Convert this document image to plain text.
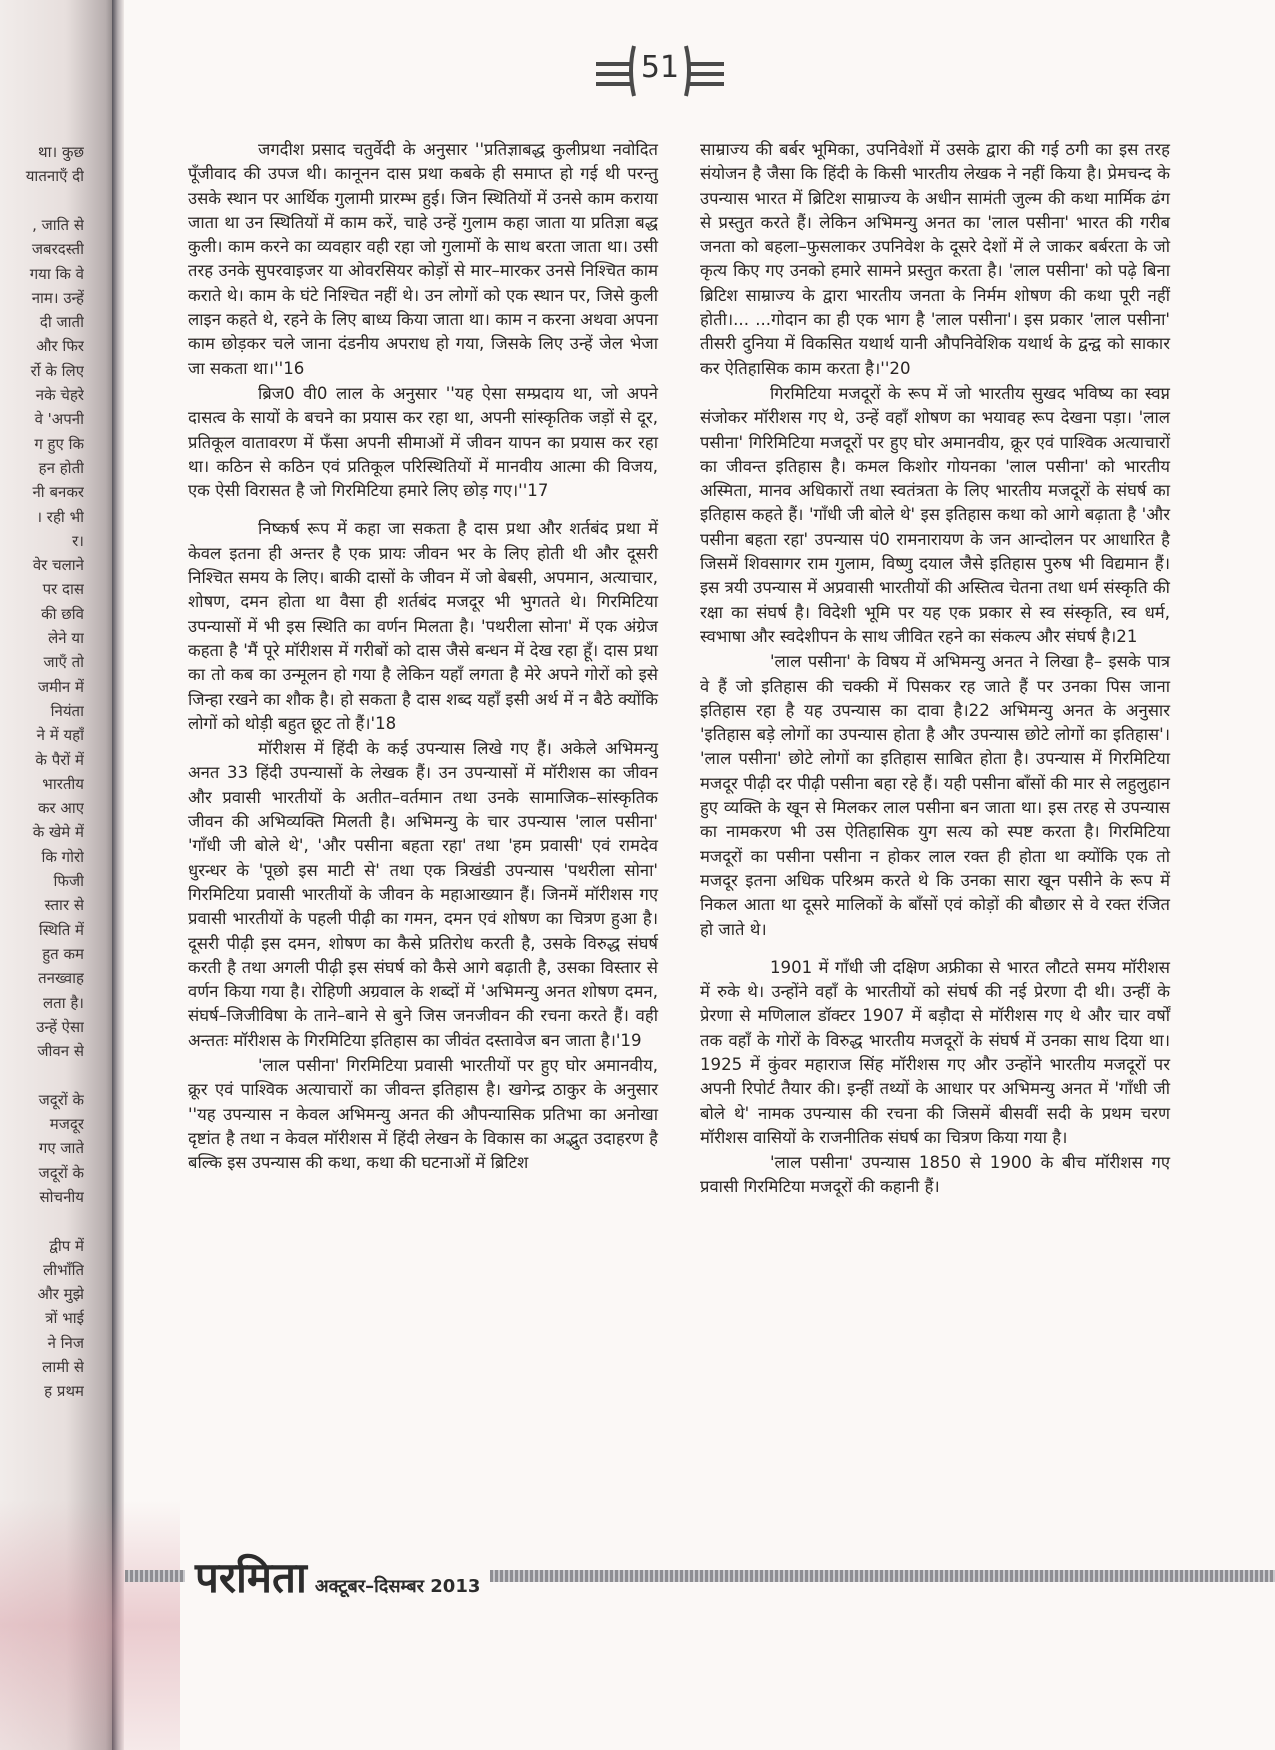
था। कुछ
यातनाएँ दी
, जाति से
जबरदस्ती
गया कि वे
नाम। उन्हें
दी जाती
और फिर
र्रो के लिए
नके चेहरे
वे 'अपनी
ग हुए कि
हन होती
नी बनकर
। रही भी
र।
वेर चलाने
पर दास
की छवि
लेने या
जाएँ तो
जमीन में
नियंता
ने में यहाँ
के पैरों में
भारतीय
कर आए
के खेमे में
कि गोरो
फिजी
स्तार से
स्थिति में
हुत कम
तनख्वाह
लता है।
उन्हें ऐसा
जीवन से
जदूरों के
मजदूर
गए जाते
जदूरों के
सोचनीय
द्वीप में
लीभाँति
और मुझे
त्रों भाई
ने निज
लामी से
ह प्रथम
51

जगदीश प्रसाद चतुर्वेदी के अनुसार ''प्रतिज्ञाबद्ध कुलीप्रथा नवोदित पूँजीवाद की उपज थी। कानूनन दास प्रथा कबके ही समाप्त हो गई थी परन्तु उसके स्थान पर आर्थिक गुलामी प्रारम्भ हुई। जिन स्थितियों में उनसे काम कराया जाता था उन स्थितियों में काम करें, चाहे उन्हें गुलाम कहा जाता या प्रतिज्ञा बद्ध कुली। काम करने का व्यवहार वही रहा जो गुलामों के साथ बरता जाता था। उसी तरह उनके सुपरवाइजर या ओवरसियर कोड़ों से मार–मारकर उनसे निश्चित काम कराते थे। काम के घंटे निश्चित नहीं थे। उन लोगों को एक स्थान पर, जिसे कुली लाइन कहते थे, रहने के लिए बाध्य किया जाता था। काम न करना अथवा अपना काम छोड़कर चले जाना दंडनीय अपराध हो गया, जिसके लिए उन्हें जेल भेजा जा सकता था।''16

ब्रिज0 वी0 लाल के अनुसार ''यह ऐसा सम्प्रदाय था, जो अपने दासत्व के सायों के बचने का प्रयास कर रहा था, अपनी सांस्कृतिक जड़ों से दूर, प्रतिकूल वातावरण में फँसा अपनी सीमाओं में जीवन यापन का प्रयास कर रहा था। कठिन से कठिन एवं प्रतिकूल परिस्थितियों में मानवीय आत्मा की विजय, एक ऐसी विरासत है जो गिरमिटिया हमारे लिए छोड़ गए।''17

निष्कर्ष रूप में कहा जा सकता है दास प्रथा और शर्तबंद प्रथा में केवल इतना ही अन्तर है एक प्रायः जीवन भर के लिए होती थी और दूसरी निश्चित समय के लिए। बाकी दासों के जीवन में जो बेबसी, अपमान, अत्याचार, शोषण, दमन होता था वैसा ही शर्तबंद मजदूर भी भुगतते थे। गिरमिटिया उपन्यासों में भी इस स्थिति का वर्णन मिलता है। 'पथरीला सोना' में एक अंग्रेज कहता है 'मैं पूरे मॉरीशस में गरीबों को दास जैसे बन्धन में देख रहा हूँ। दास प्रथा का तो कब का उन्मूलन हो गया है लेकिन यहाँ लगता है मेरे अपने गोरों को इसे जिन्हा रखने का शौक है। हो सकता है दास शब्द यहाँ इसी अर्थ में न बैठे क्योंकि लोगों को थोड़ी बहुत छूट तो हैं।'18

मॉरीशस में हिंदी के कई उपन्यास लिखे गए हैं। अकेले अभिमन्यु अनत 33 हिंदी उपन्यासों के लेखक हैं। उन उपन्यासों में मॉरीशस का जीवन और प्रवासी भारतीयों के अतीत–वर्तमान तथा उनके सामाजिक–सांस्कृतिक जीवन की अभिव्यक्ति मिलती है। अभिमन्यु के चार उपन्यास 'लाल पसीना' 'गाँधी जी बोले थे', 'और पसीना बहता रहा' तथा 'हम प्रवासी' एवं रामदेव धुरन्धर के 'पूछो इस माटी से' तथा एक त्रिखंडी उपन्यास 'पथरीला सोना' गिरमिटिया प्रवासी भारतीयों के जीवन के महाआख्यान हैं। जिनमें मॉरीशस गए प्रवासी भारतीयों के पहली पीढ़ी का गमन, दमन एवं शोषण का चित्रण हुआ है। दूसरी पीढ़ी इस दमन, शोषण का कैसे प्रतिरोध करती है, उसके विरुद्ध संघर्ष करती है तथा अगली पीढ़ी इस संघर्ष को कैसे आगे बढ़ाती है, उसका विस्तार से वर्णन किया गया है। रोहिणी अग्रवाल के शब्दों में 'अभिमन्यु अनत शोषण दमन, संघर्ष–जिजीविषा के ताने–बाने से बुने जिस जनजीवन की रचना करते हैं। वही अन्ततः मॉरीशस के गिरमिटिया इतिहास का जीवंत दस्तावेज बन जाता है।'19

'लाल पसीना' गिरमिटिया प्रवासी भारतीयों पर हुए घोर अमानवीय, क्रूर एवं पाश्विक अत्याचारों का जीवन्त इतिहास है। खगेन्द्र ठाकुर के अनुसार ''यह उपन्यास न केवल अभिमन्यु अनत की औपन्यासिक प्रतिभा का अनोखा दृष्टांत है तथा न केवल मॉरीशस में हिंदी लेखन के विकास का अद्भुत उदाहरण है बल्कि इस उपन्यास की कथा, कथा की घटनाओं में ब्रिटिश

साम्राज्य की बर्बर भूमिका, उपनिवेशों में उसके द्वारा की गई ठगी का इस तरह संयोजन है जैसा कि हिंदी के किसी भारतीय लेखक ने नहीं किया है। प्रेमचन्द के उपन्यास भारत में ब्रिटिश साम्राज्य के अधीन सामंती जुल्म की कथा मार्मिक ढंग से प्रस्तुत करते हैं। लेकिन अभिमन्यु अनत का 'लाल पसीना' भारत की गरीब जनता को बहला–फुसलाकर उपनिवेश के दूसरे देशों में ले जाकर बर्बरता के जो कृत्य किए गए उनको हमारे सामने प्रस्तुत करता है। 'लाल पसीना' को पढ़े बिना ब्रिटिश साम्राज्य के द्वारा भारतीय जनता के निर्मम शोषण की कथा पूरी नहीं होती।... ...गोदान का ही एक भाग है 'लाल पसीना'। इस प्रकार 'लाल पसीना' तीसरी दुनिया में विकसित यथार्थ यानी औपनिवेशिक यथार्थ के द्वन्द्व को साकार कर ऐतिहासिक काम करता है।''20

गिरमिटिया मजदूरों के रूप में जो भारतीय सुखद भविष्य का स्वप्न संजोकर मॉरीशस गए थे, उन्हें वहाँ शोषण का भयावह रूप देखना पड़ा। 'लाल पसीना' गिरिमिटिया मजदूरों पर हुए घोर अमानवीय, क्रूर एवं पाश्विक अत्याचारों का जीवन्त इतिहास है। कमल किशोर गोयनका 'लाल पसीना' को भारतीय अस्मिता, मानव अधिकारों तथा स्वतंत्रता के लिए भारतीय मजदूरों के संघर्ष का इतिहास कहते हैं। 'गाँधी जी बोले थे' इस इतिहास कथा को आगे बढ़ाता है 'और पसीना बहता रहा' उपन्यास पं0 रामनारायण के जन आन्दोलन पर आधारित है जिसमें शिवसागर राम गुलाम, विष्णु दयाल जैसे इतिहास पुरुष भी विद्यमान हैं। इस त्रयी उपन्यास में अप्रवासी भारतीयों की अस्तित्व चेतना तथा धर्म संस्कृति की रक्षा का संघर्ष है। विदेशी भूमि पर यह एक प्रकार से स्व संस्कृति, स्व धर्म, स्वभाषा और स्वदेशीपन के साथ जीवित रहने का संकल्प और संघर्ष है।21

'लाल पसीना' के विषय में अभिमन्यु अनत ने लिखा है– इसके पात्र वे हैं जो इतिहास की चक्की में पिसकर रह जाते हैं पर उनका पिस जाना इतिहास रहा है यह उपन्यास का दावा है।22 अभिमन्यु अनत के अनुसार 'इतिहास बड़े लोगों का उपन्यास होता है और उपन्यास छोटे लोगों का इतिहास'। 'लाल पसीना' छोटे लोगों का इतिहास साबित होता है। उपन्यास में गिरमिटिया मजदूर पीढ़ी दर पीढ़ी पसीना बहा रहे हैं। यही पसीना बाँसों की मार से लहुलुहान हुए व्यक्ति के खून से मिलकर लाल पसीना बन जाता था। इस तरह से उपन्यास का नामकरण भी उस ऐतिहासिक युग सत्य को स्पष्ट करता है। गिरमिटिया मजदूरों का पसीना पसीना न होकर लाल रक्त ही होता था क्योंकि एक तो मजदूर इतना अधिक परिश्रम करते थे कि उनका सारा खून पसीने के रूप में निकल आता था दूसरे मालिकों के बाँसों एवं कोड़ों की बौछार से वे रक्त रंजित हो जाते थे।

1901 में गाँधी जी दक्षिण अफ्रीका से भारत लौटते समय मॉरीशस में रुके थे। उन्होंने वहाँ के भारतीयों को संघर्ष की नई प्रेरणा दी थी। उन्हीं के प्रेरणा से मणिलाल डॉक्टर 1907 में बड़ौदा से मॉरीशस गए थे और चार वर्षों तक वहाँ के गोरों के विरुद्ध भारतीय मजदूरों के संघर्ष में उनका साथ दिया था। 1925 में कुंवर महाराज सिंह मॉरीशस गए और उन्होंने भारतीय मजदूरों पर अपनी रिपोर्ट तैयार की। इन्हीं तथ्यों के आधार पर अभिमन्यु अनत में 'गाँधी जी बोले थे' नामक उपन्यास की रचना की जिसमें बीसवीं सदी के प्रथम चरण मॉरीशस वासियों के राजनीतिक संघर्ष का चित्रण किया गया है।

'लाल पसीना' उपन्यास 1850 से 1900 के बीच मॉरीशस गए प्रवासी गिरमिटिया मजदूरों की कहानी हैं।

परमिता अक्टूबर–दिसम्बर 2013
